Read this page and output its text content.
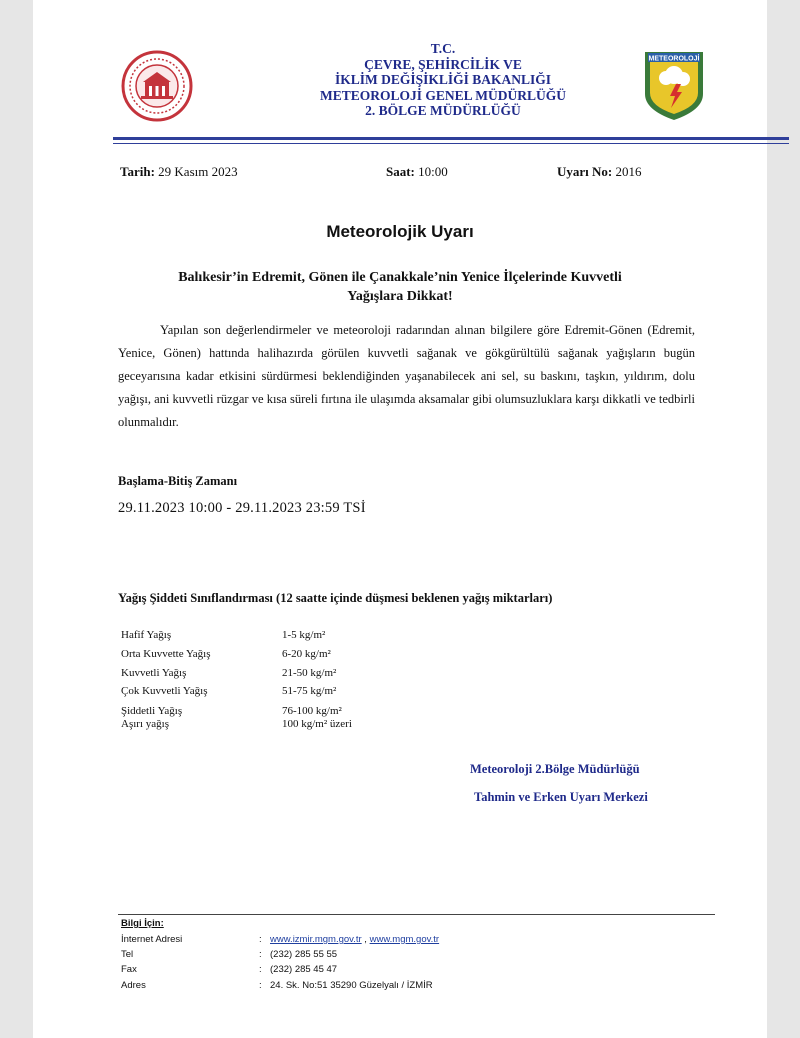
T.C.
ÇEVRE, ŞEHİRCİLİK VE
İKLİM DEĞİŞİKLİĞİ BAKANLIĞI
METEOROLOJİ GENEL MÜDÜRLÜĞÜ
2. BÖLGE MÜDÜRLÜĞÜ
METEOROLOJİ
Tarih: 29 Kasım 2023	Saat: 10:00	Uyarı No: 2016
Meteorolojik Uyarı
Balıkesir’in Edremit, Gönen ile Çanakkale’nin Yenice İlçelerinde Kuvvetli
Yağışlara Dikkat!

Yapılan son değerlendirmeler ve meteoroloji radarından alınan bilgilere göre Edremit-Gönen (Edremit, Yenice, Gönen) hattında halihazırda görülen kuvvetli sağanak ve gökgürültülü sağanak yağışların bugün geceyarısına kadar etkisini sürdürmesi beklendiğinden yaşanabilecek ani sel, su baskını, taşkın, yıldırım, dolu yağışı, ani kuvvetli rüzgar ve kısa süreli fırtına ile ulaşımda aksamalar gibi olumsuzluklara karşı dikkatli ve tedbirli olunmalıdır.

Başlama-Bitiş Zamanı
29.11.2023 10:00 - 29.11.2023 23:59 TSİ
Yağış Şiddeti Sınıflandırması (12 saatte içinde düşmesi beklenen yağış miktarları)
Hafif Yağış	1-5 kg/m²
Orta Kuvvette Yağış	6-20 kg/m²
Kuvvetli Yağış	21-50 kg/m²
Çok Kuvvetli Yağış	51-75 kg/m²
Şiddetli Yağış	76-100 kg/m²
Aşırı yağış	100 kg/m² üzeri
Meteoroloji 2.Bölge Müdürlüğü
Tahmin ve Erken Uyarı Merkezi
Bilgi İçin:
İnternet Adresi	: www.izmir.mgm.gov.tr , www.mgm.gov.tr
Tel	: (232) 285 55 55
Fax	: (232) 285 45 47
Adres	: 24. Sk. No:51 35290 Güzelyalı / İZMİR
